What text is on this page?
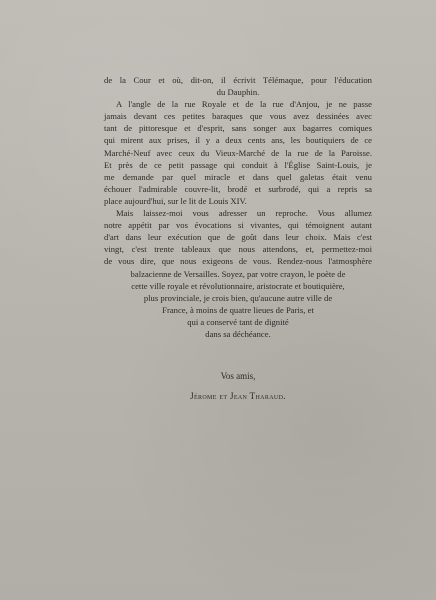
de la Cour et où, dit-on, il écrivit Télémaque, pour l'éducation
du Dauphin.
A l'angle de la rue Royale et de la rue d'Anjou, je ne passe
jamais devant ces petites baraques que vous avez dessinées avec
tant de pittoresque et d'esprit, sans songer aux bagarres comiques
qui mirent aux prises, il y a deux cents ans, les boutiquiers de ce
Marché-Neuf avec ceux du Vieux-Marché de la rue de la Paroisse.
Et près de ce petit passage qui conduit à l'Église Saint-Louis, je
me demande par quel miracle et dans quel galetas était venu
échouer l'admirable couvre-lit, brodé et surbrodé, qui a repris sa
place aujourd'hui, sur le lit de Louis XIV.
Mais laissez-moi vous adresser un reproche. Vous allumez
notre appétit par vos évocations si vivantes, qui témoignent autant
d'art dans leur exécution que de goût dans leur choix. Mais c'est
vingt, c'est trente tableaux que nous attendons, et, permettez-moi
de vous dire, que nous exigeons de vous. Rendez-nous l'atmosphère
balzacienne de Versailles. Soyez, par votre crayon, le poète de
cette ville royale et révolutionnaire, aristocrate et boutiquière,
plus provinciale, je crois bien, qu'aucune autre ville de
France, à moins de quatre lieues de Paris, et
qui a conservé tant de dignité
dans sa déchéance.
Vos amis,
Jérome et Jean Tharaud.
